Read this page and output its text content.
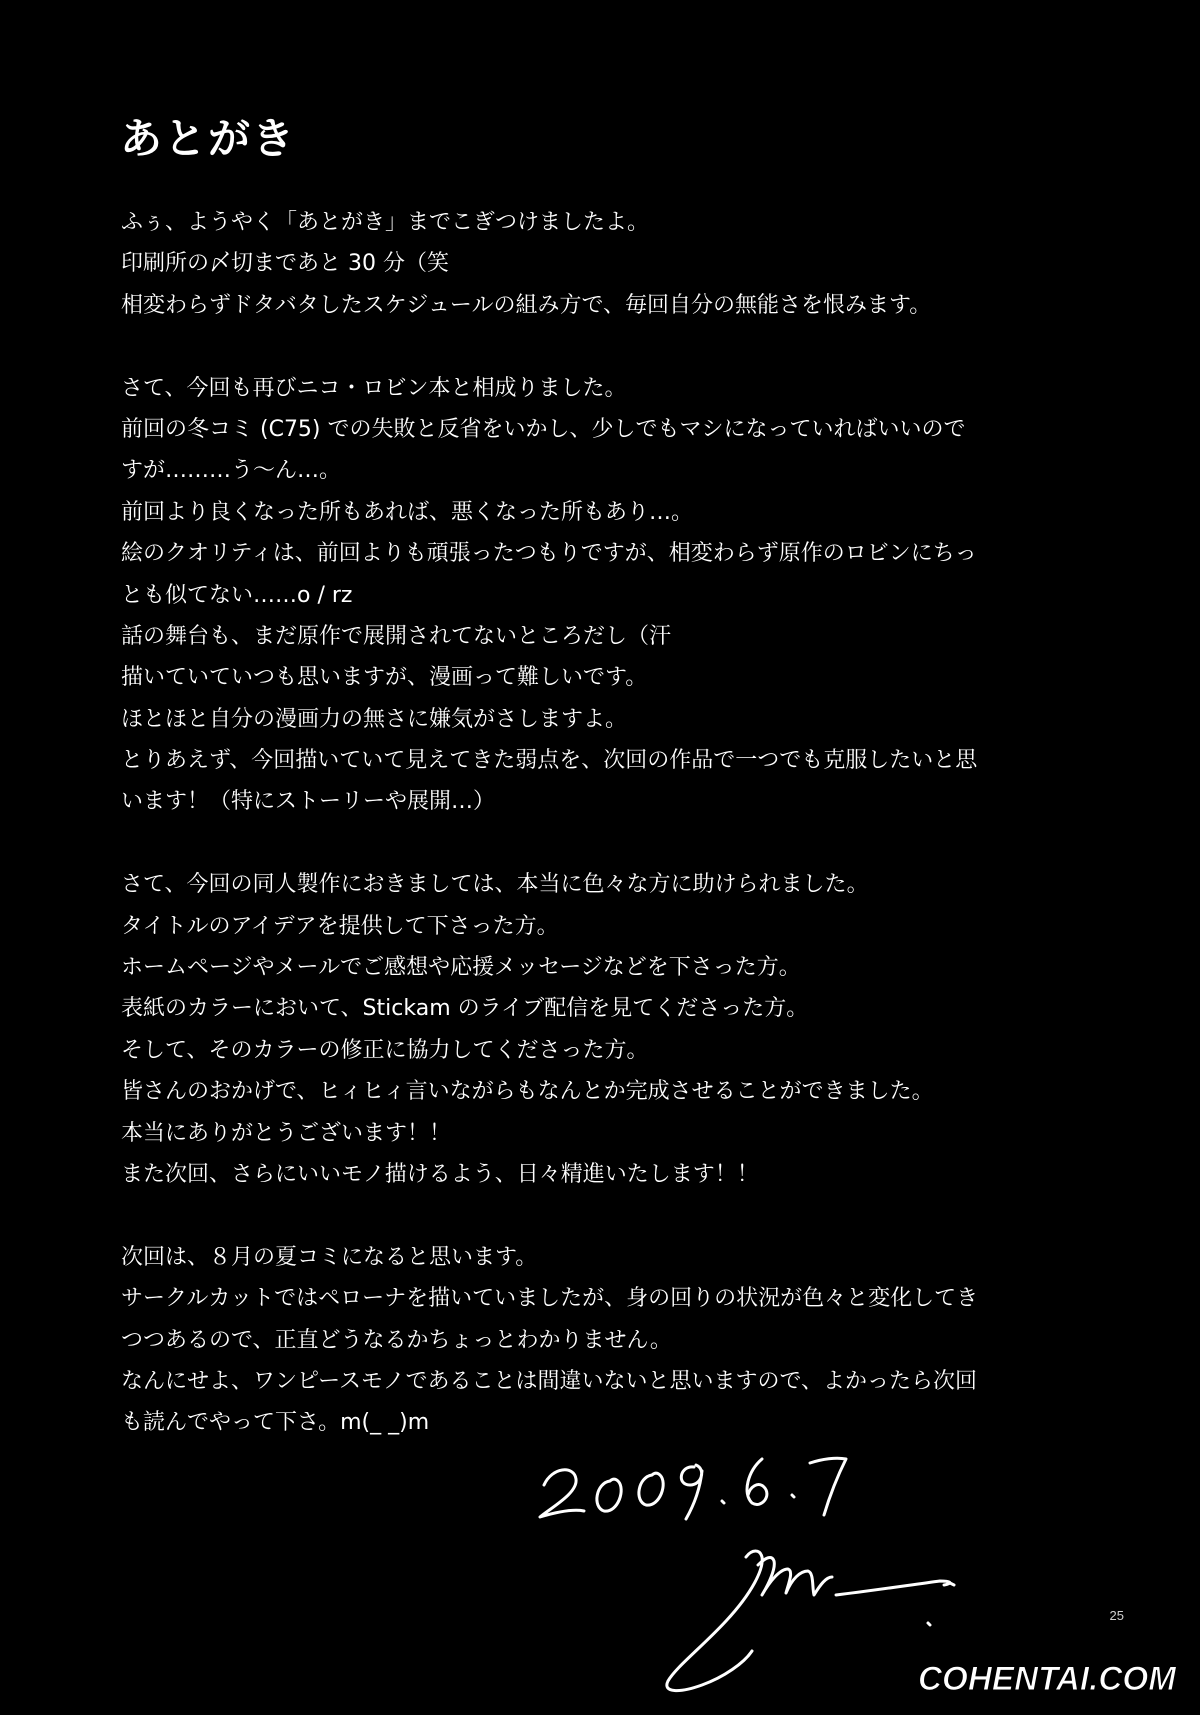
あとがき
ふぅ、ようやく「あとがき」までこぎつけましたよ。
印刷所の〆切まであと 30 分（笑
相変わらずドタバタしたスケジュールの組み方で、毎回自分の無能さを恨みます。
さて、今回も再びニコ・ロビン本と相成りました。
前回の冬コミ (C75) での失敗と反省をいかし、少しでもマシになっていればいいので
すが………う～ん…。
前回より良くなった所もあれば、悪くなった所もあり…。
絵のクオリティは、前回よりも頑張ったつもりですが、相変わらず原作のロビンにちっ
とも似てない……o / rz
話の舞台も、まだ原作で展開されてないところだし（汗
描いていていつも思いますが、漫画って難しいです。
ほとほと自分の漫画力の無さに嫌気がさしますよ。
とりあえず、今回描いていて見えてきた弱点を、次回の作品で一つでも克服したいと思
います！（特にストーリーや展開…）
さて、今回の同人製作におきましては、本当に色々な方に助けられました。
タイトルのアイデアを提供して下さった方。
ホームページやメールでご感想や応援メッセージなどを下さった方。
表紙のカラーにおいて、Stickam のライブ配信を見てくださった方。
そして、そのカラーの修正に協力してくださった方。
皆さんのおかげで、ヒィヒィ言いながらもなんとか完成させることができました。
本当にありがとうございます！！
また次回、さらにいいモノ描けるよう、日々精進いたします！！
次回は、８月の夏コミになると思います。
サークルカットではペローナを描いていましたが、身の回りの状況が色々と変化してき
つつあるので、正直どうなるかちょっとわかりません。
なんにせよ、ワンピースモノであることは間違いないと思いますので、よかったら次回
も読んでやって下さ。m(_ _)m
25
COHENTAI.COM
